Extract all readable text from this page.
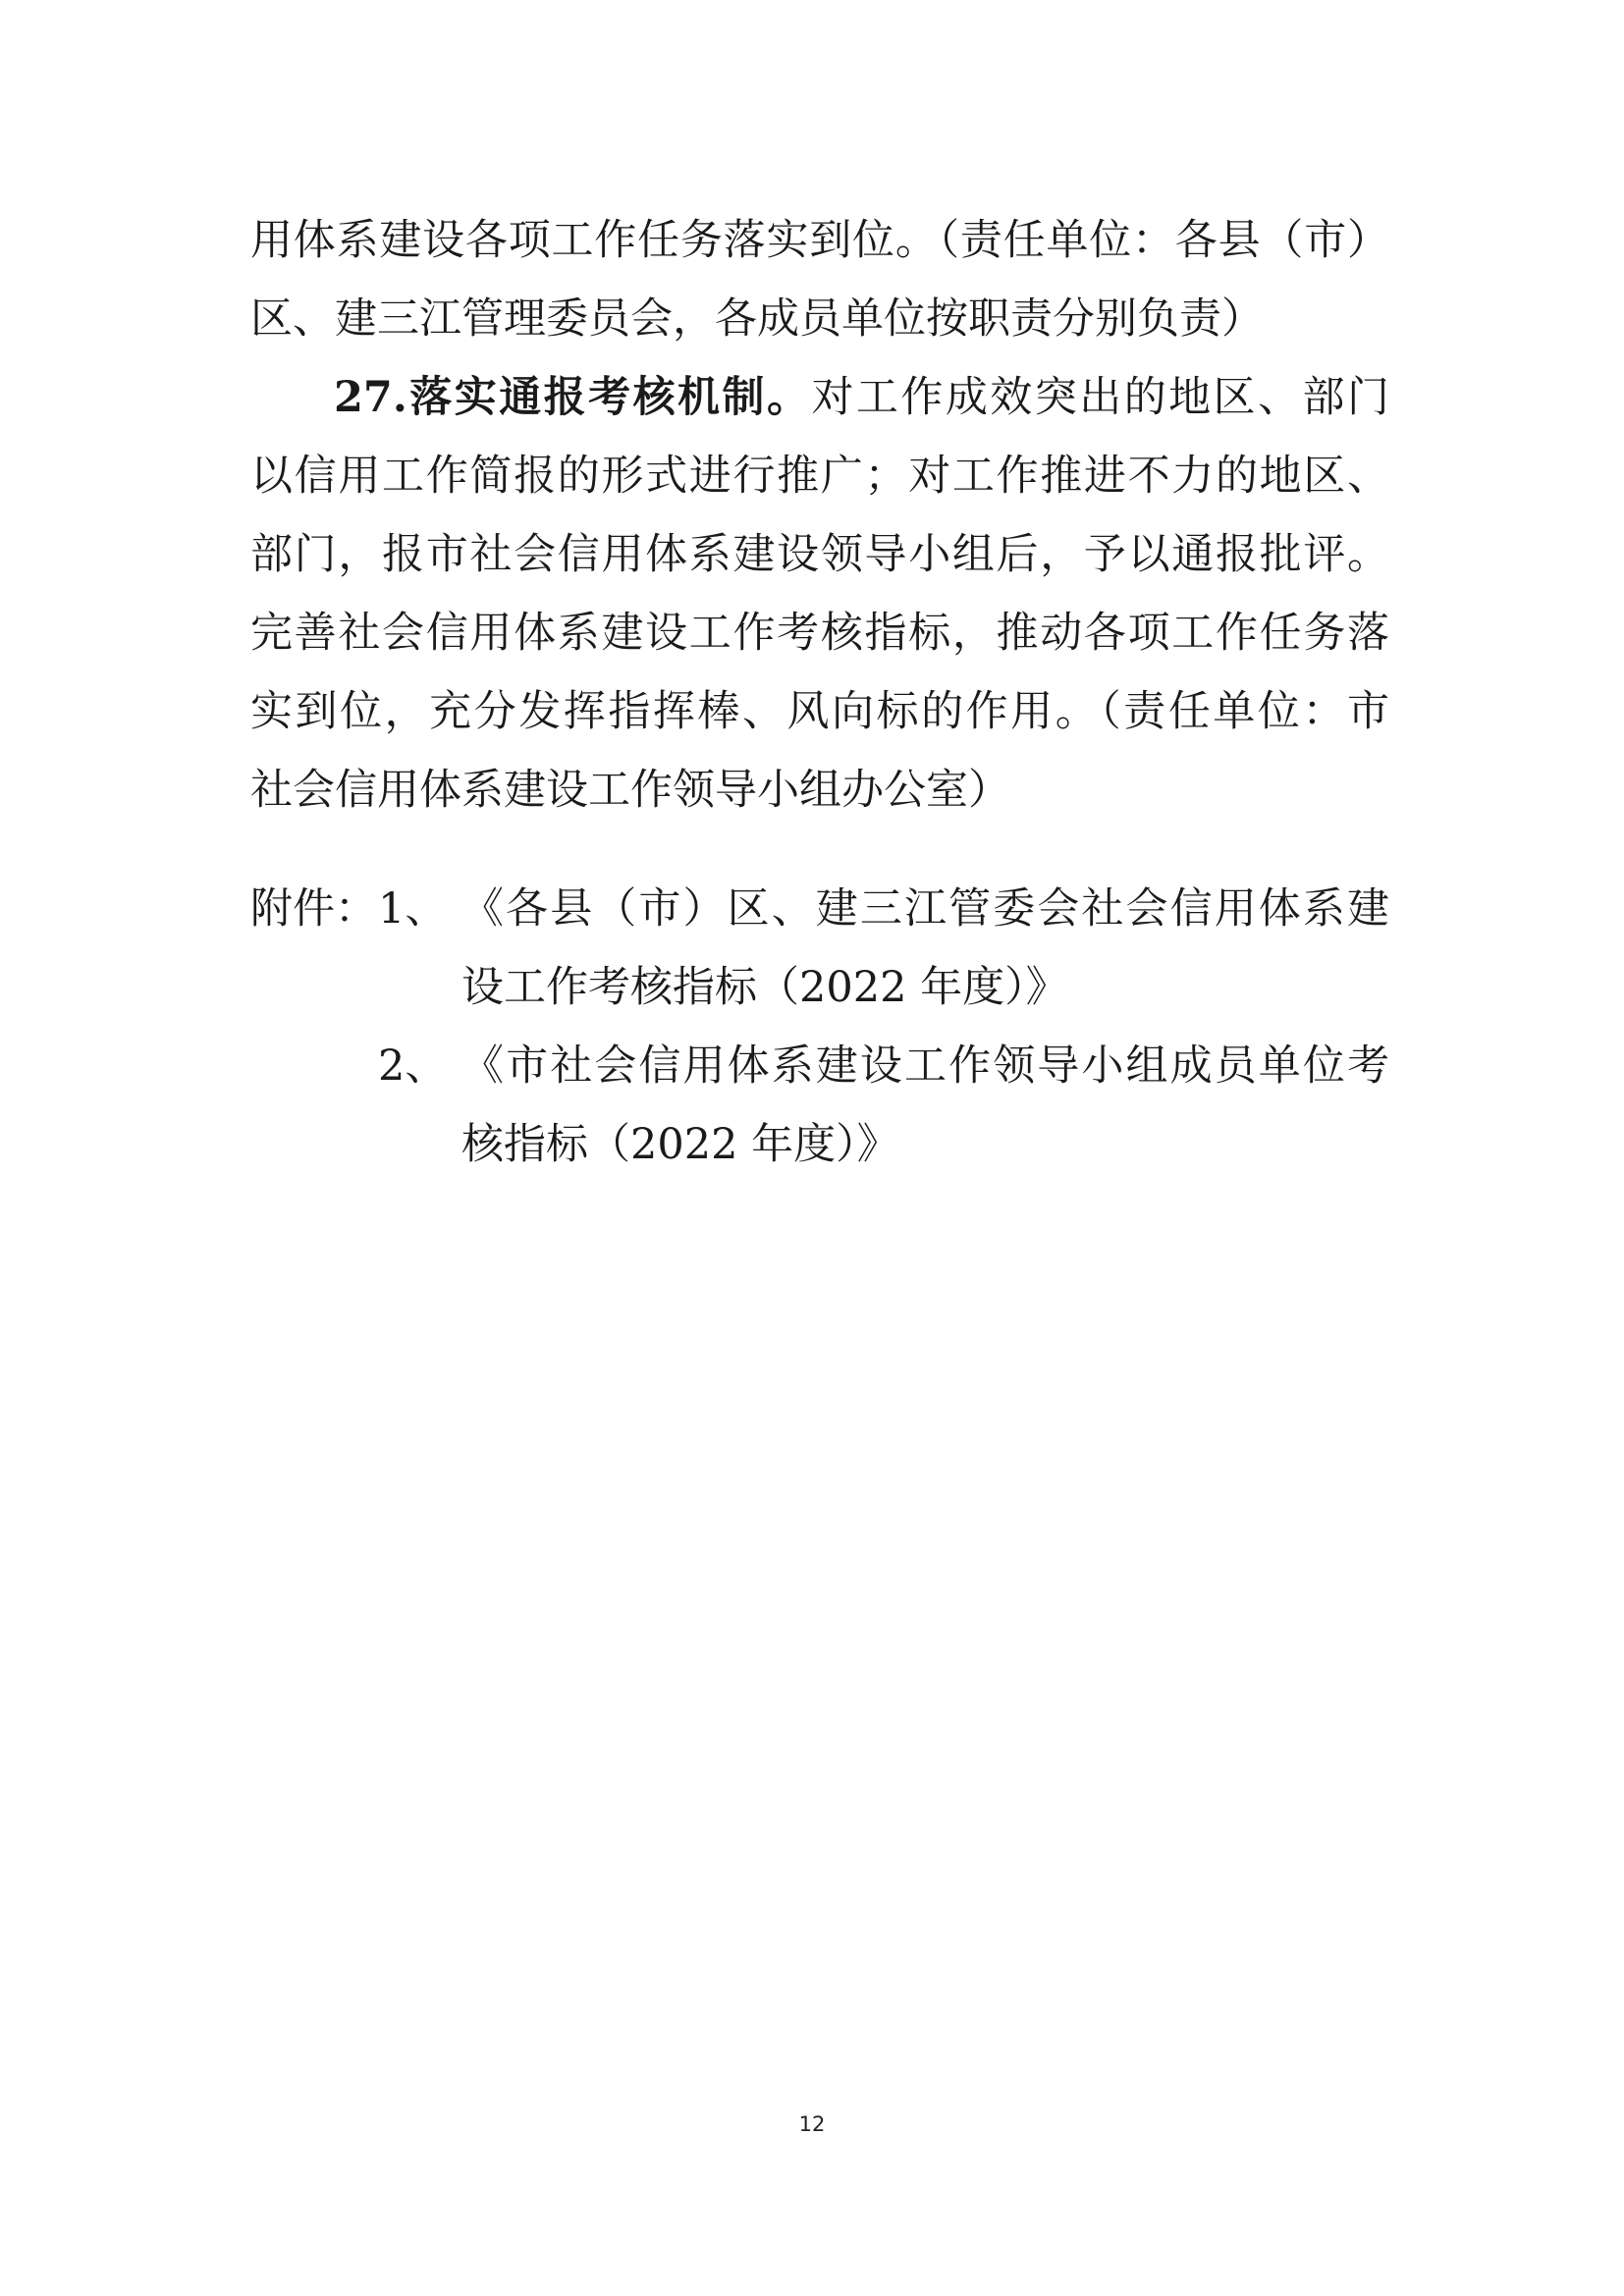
用体系建设各项工作任务落实到位。（责任单位：各县（市）
区、建三江管理委员会，各成员单位按职责分别负责）
27.落实通报考核机制。对工作成效突出的地区、部门
以信用工作简报的形式进行推广；对工作推进不力的地区、
部门，报市社会信用体系建设领导小组后，予以通报批评。
完善社会信用体系建设工作考核指标，推动各项工作任务落
实到位，充分发挥指挥棒、风向标的作用。（责任单位：市
社会信用体系建设工作领导小组办公室）
附件： 1、 《各县（市）区、建三江管委会社会信用体系建
设工作考核指标（2022 年度）》
2、 《市社会信用体系建设工作领导小组成员单位考
核指标（2022 年度）》
12
